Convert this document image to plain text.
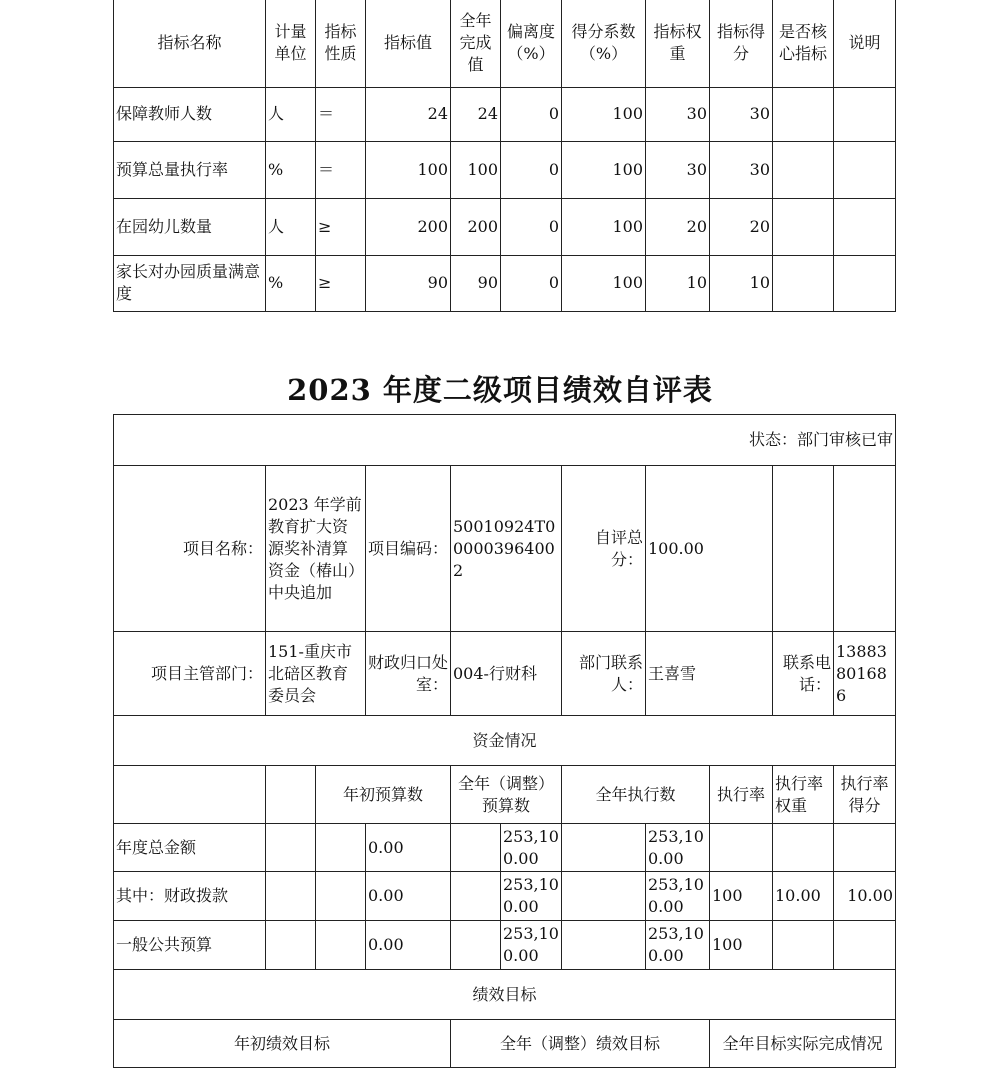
指标名称	计量单位	指标性质	指标值	全年完成值	偏离度（%）	得分系数（%）	指标权重	指标得分	是否核心指标	说明
保障教师人数	人	＝	24	24	0	100	30	30		
预算总量执行率	%	＝	100	100	0	100	30	30		
在园幼儿数量	人	≥	200	200	0	100	20	20		
家长对办园质量满意度	%	≥	90	90	0	100	10	10		
2023 年度二级项目绩效自评表
状态：部门审核已审										
项目名称：	2023 年学前教育扩大资源奖补清算资金（椿山）中央追加		项目编码：	50010924T000003964002		自评总分：	100.00			
项目主管部门：	151-重庆市北碚区教育委员会		财政归口处室：	004-行财科		部门联系人：	王喜雪		联系电话：	13883801686
资金情况										
		年初预算数		全年（调整）预算数		全年执行数		执行率	执行率权重	执行率得分
年度总金额			0.00		253,100.00		253,100.00			
其中：财政拨款			0.00		253,100.00		253,100.00	100	10.00	10.00
一般公共预算			0.00		253,100.00		253,100.00	100		
绩效目标										
年初绩效目标				全年（调整）绩效目标				全年目标实际完成情况		
